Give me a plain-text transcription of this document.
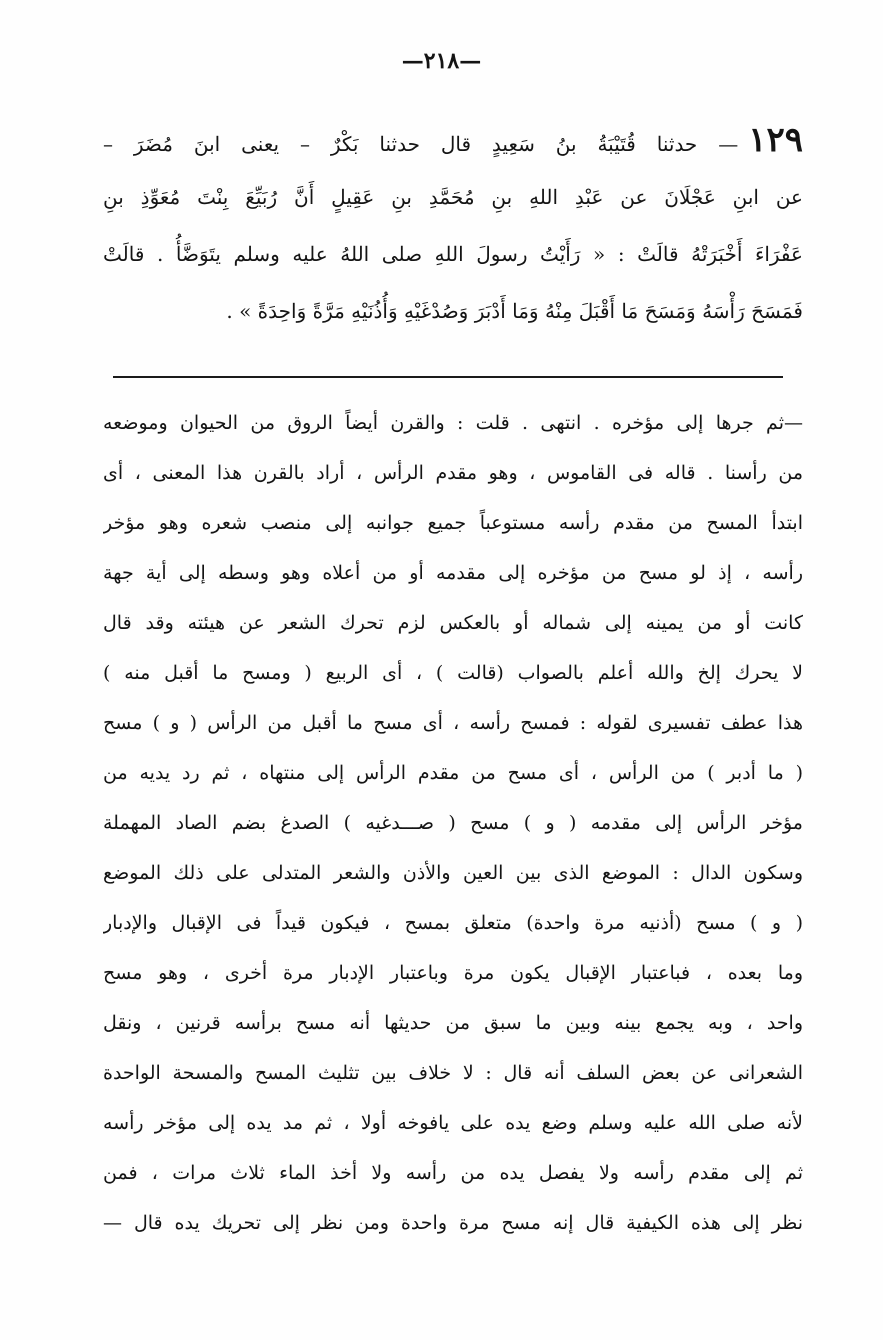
—٢١٨—
١٢٩— حدثنا قُتَيْبَةُ بنُ سَعِيدٍ قال حدثنا بَكْرٌ – يعنى ابنَ مُضَرَ –
عن ابنِ عَجْلَانَ عن عَبْدِ اللهِ بنِ مُحَمَّدِ بنِ عَقِيلٍ أَنَّ رُبَيِّعَ بِنْتَ مُعَوِّذِ بنِ
عَفْرَاءَ أَخْبَرَتْهُ قالَتْ : « رَأَيْتُ رسولَ اللهِ صلى اللهُ عليه وسلم يتَوَضَّأُ . قالَتْ
فَمَسَحَ رَأْسَهُ وَمَسَحَ مَا أَقْبَلَ مِنْهُ وَمَا أَدْبَرَ وَصُدْغَيْهِ وَأُذُنَيْهِ مَرَّةً وَاحِدَةً » .
—ثم جرها إلى مؤخره . انتهى . قلت : والقرن أيضاً الروق من الحيوان وموضعه
من رأسنا . قاله فى القاموس ، وهو مقدم الرأس ، أراد بالقرن هذا المعنى ، أى
ابتدأ المسح من مقدم رأسه مستوعباً جميع جوانبه إلى منصب شعره وهو مؤخر
رأسه ، إذ لو مسح من مؤخره إلى مقدمه أو من أعلاه وهو وسطه إلى أية جهة
كانت أو من يمينه إلى شماله أو بالعكس لزم تحرك الشعر عن هيئته وقد قال
لا يحرك إلخ والله أعلم بالصواب (قالت ) ، أى الربيع ( ومسح ما أقبل منه )
هذا عطف تفسيرى لقوله : فمسح رأسه ، أى مسح ما أقبل من الرأس ( و ) مسح
( ما أدبر ) من الرأس ، أى مسح من مقدم الرأس إلى منتهاه ، ثم رد يديه من
مؤخر الرأس إلى مقدمه ( و ) مسح ( صـــدغيه ) الصدغ بضم الصاد المهملة
وسكون الدال : الموضع الذى بين العين والأذن والشعر المتدلى على ذلك الموضع
( و ) مسح (أذنيه مرة واحدة) متعلق بمسح ، فيكون قيداً فى الإقبال والإدبار
وما بعده ، فباعتبار الإقبال يكون مرة وباعتبار الإدبار مرة أخرى ، وهو مسح
واحد ، وبه يجمع بينه وبين ما سبق من حديثها أنه مسح برأسه قرنين ، ونقل
الشعرانى عن بعض السلف أنه قال : لا خلاف بين تثليث المسح والمسحة الواحدة
لأنه صلى الله عليه وسلم وضع يده على يافوخه أولا ، ثم مد يده إلى مؤخر رأسه
ثم إلى مقدم رأسه ولا يفصل يده من رأسه ولا أخذ الماء ثلاث مرات ، فمن
نظر إلى هذه الكيفية قال إنه مسح مرة واحدة ومن نظر إلى تحريك يده قال —
